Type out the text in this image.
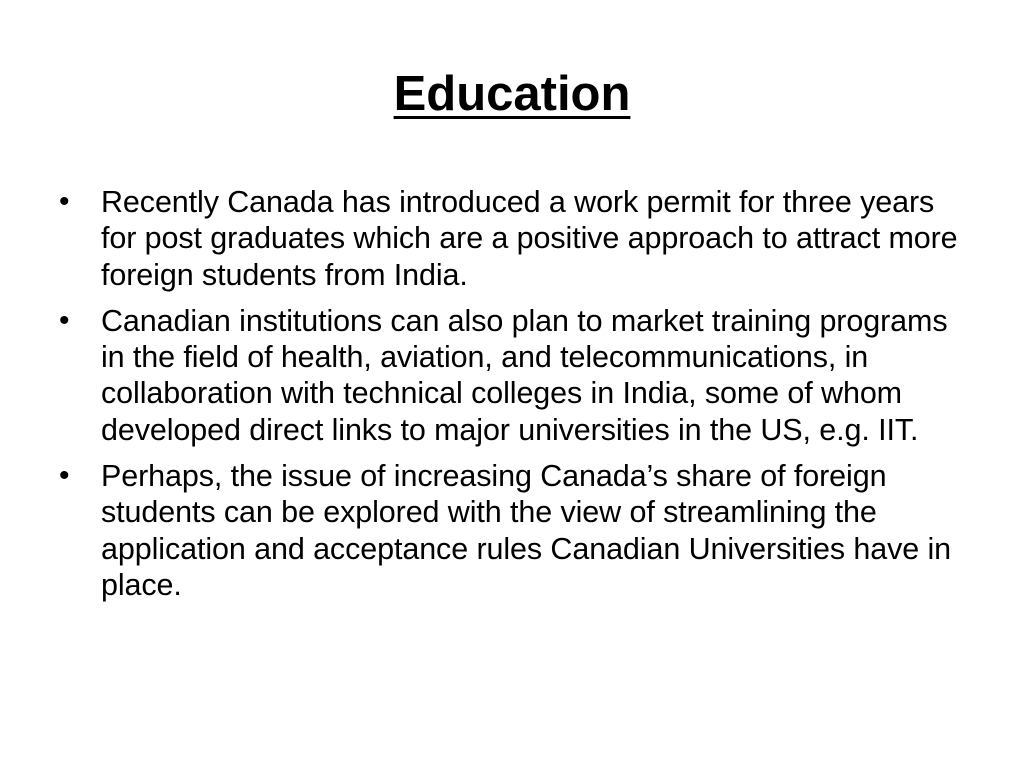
Education
• Recently Canada has introduced a work permit for three years for post graduates which are a positive approach to attract more foreign students from India.
• Canadian institutions can also plan to market training programs in the field of health, aviation, and telecommunications, in collaboration with technical colleges in India, some of whom developed direct links to major universities in the US, e.g. IIT.
• Perhaps, the issue of increasing Canada’s share of foreign students can be explored with the view of streamlining the application and acceptance rules Canadian Universities have in place.
